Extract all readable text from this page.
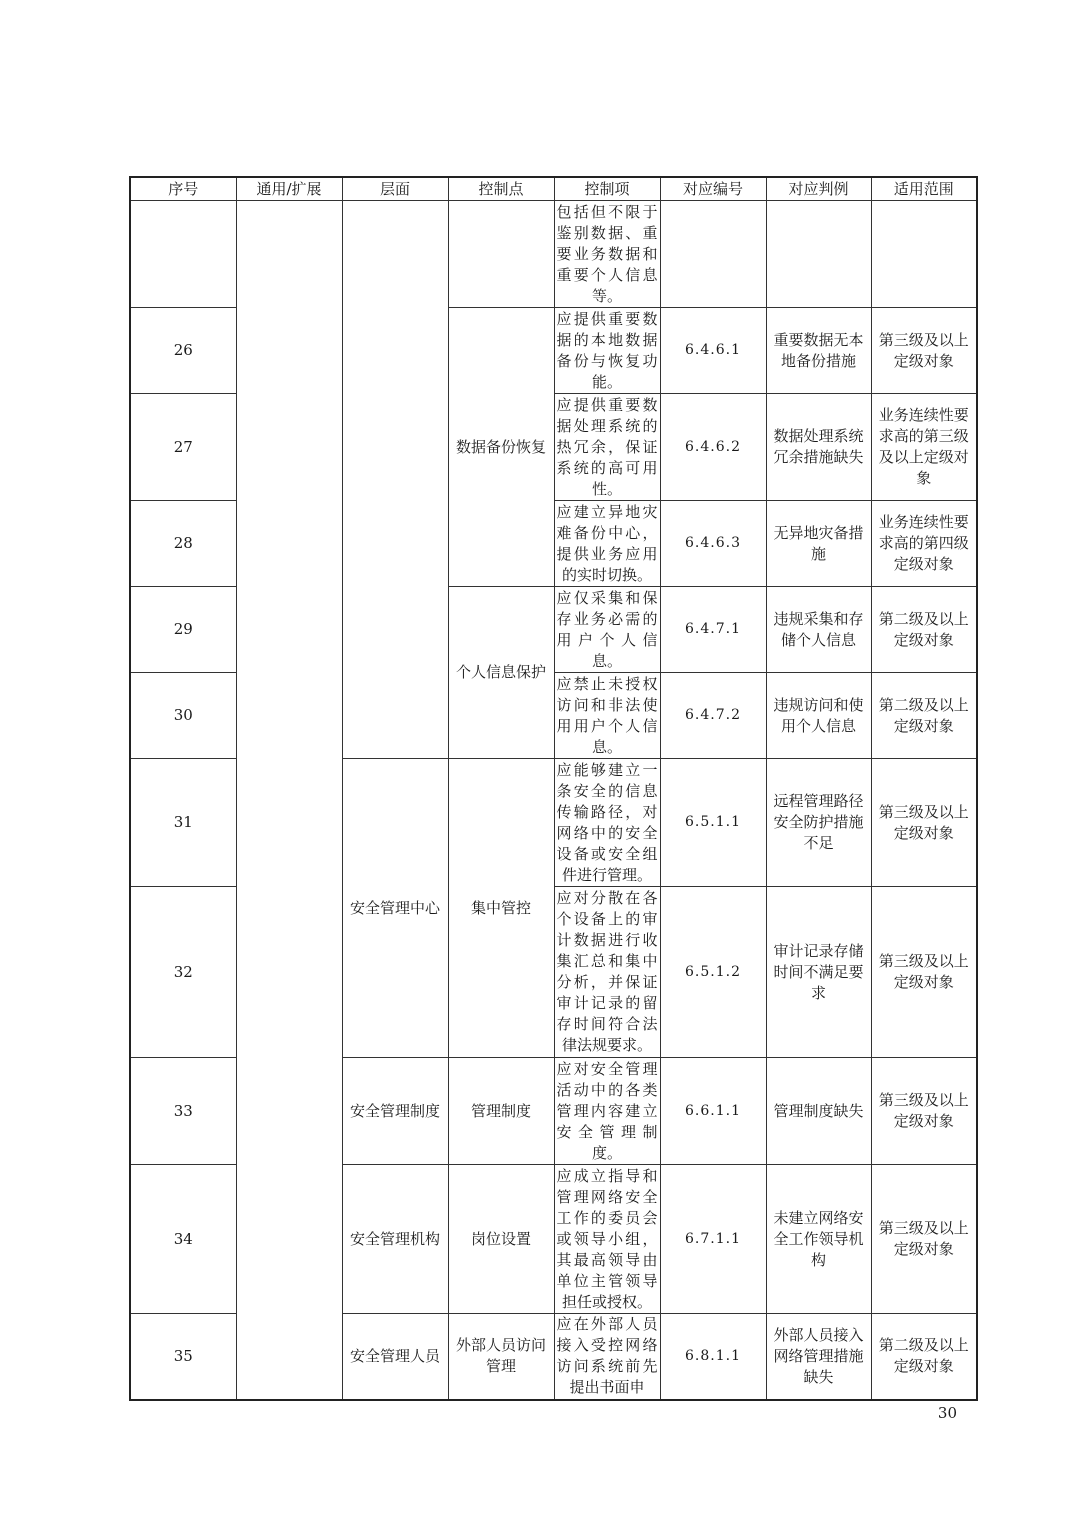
序号	通用/扩展	层面	控制点	控制项	对应编号	对应判例	适用范围
				包括但不限于鉴别数据、重要业务数据和重要个人信息等。			
26			数据备份恢复	应提供重要数据的本地数据备份与恢复功能。	6.4.6.1	重要数据无本地备份措施	第三级及以上定级对象
27				应提供重要数据处理系统的热冗余，保证系统的高可用性。	6.4.6.2	数据处理系统冗余措施缺失	业务连续性要求高的第三级及以上定级对象
28				应建立异地灾难备份中心，提供业务应用的实时切换。	6.4.6.3	无异地灾备措施	业务连续性要求高的第四级定级对象
29			个人信息保护	应仅采集和保存业务必需的用户个人信息。	6.4.7.1	违规采集和存储个人信息	第二级及以上定级对象
30				应禁止未授权访问和非法使用用户个人信息。	6.4.7.2	违规访问和使用个人信息	第二级及以上定级对象
31		安全管理中心	集中管控	应能够建立一条安全的信息传输路径，对网络中的安全设备或安全组件进行管理。	6.5.1.1	远程管理路径安全防护措施不足	第三级及以上定级对象
32				应对分散在各个设备上的审计数据进行收集汇总和集中分析，并保证审计记录的留存时间符合法律法规要求。	6.5.1.2	审计记录存储时间不满足要求	第三级及以上定级对象
33		安全管理制度	管理制度	应对安全管理活动中的各类管理内容建立安全管理制度。	6.6.1.1	管理制度缺失	第三级及以上定级对象
34		安全管理机构	岗位设置	应成立指导和管理网络安全工作的委员会或领导小组，其最高领导由单位主管领导担任或授权。	6.7.1.1	未建立网络安全工作领导机构	第三级及以上定级对象
35		安全管理人员	外部人员访问管理	应在外部人员接入受控网络访问系统前先提出书面申	6.8.1.1	外部人员接入网络管理措施缺失	第二级及以上定级对象
30
